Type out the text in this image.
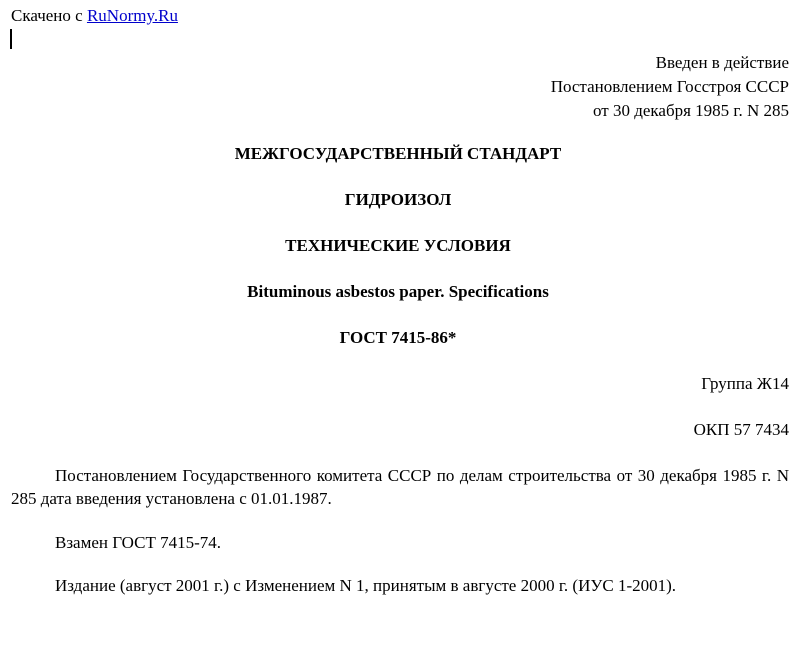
Скачено с RuNormy.Ru
Введен в действие
Постановлением Госстроя СССР
от 30 декабря 1985 г. N 285
МЕЖГОСУДАРСТВЕННЫЙ СТАНДАРТ
ГИДРОИЗОЛ
ТЕХНИЧЕСКИЕ УСЛОВИЯ
Bituminous asbestos paper. Specifications
ГОСТ 7415-86*
Группа Ж14
ОКП 57 7434

Постановлением Государственного комитета СССР по делам строительства от 30 декабря 1985 г. N 285 дата введения установлена с 01.01.1987.

Взамен ГОСТ 7415-74.

Издание (август 2001 г.) с Изменением N 1, принятым в августе 2000 г. (ИУС 1-2001).
